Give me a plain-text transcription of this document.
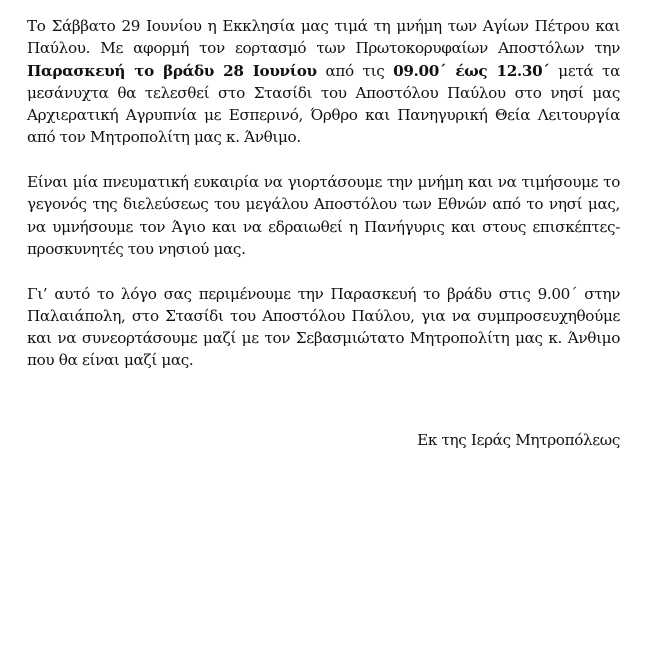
Το Σάββατο 29 Ιουνίου η Εκκλησία μας τιμά τη μνήμη των Αγίων Πέτρου και Παύλου. Με αφορμή τον εορτασμό των Πρωτοκορυφαίων Αποστόλων την Παρασκευή το βράδυ 28 Ιουνίου από τις 09.00΄ έως 12.30΄ μετά τα μεσάνυχτα θα τελεσθεί στο Στασίδι του Αποστόλου Παύλου στο νησί μας Αρχιερατική Αγρυπνία με Εσπερινό, Όρθρο και Πανηγυρική Θεία Λειτουργία από τον Μητροπολίτη μας κ. Άνθιμο.

Είναι μία πνευματική ευκαιρία να γιορτάσουμε την μνήμη και να τιμήσουμε το γεγονός της διελεύσεως του μεγάλου Αποστόλου των Εθνών από το νησί μας, να υμνήσουμε τον Άγιο και να εδραιωθεί η Πανήγυρις και στους επισκέπτες-προσκυνητές του νησιού μας.

Γι’ αυτό το λόγο σας περιμένουμε την Παρασκευή το βράδυ στις 9.00΄ στην Παλαιάπολη, στο Στασίδι του Αποστόλου Παύλου, για να συμπροσευχηθούμε και να συνεορτάσουμε μαζί με τον Σεβασμιώτατο Μητροπολίτη μας κ. Άνθιμο που θα είναι μαζί μας.

Εκ της Ιεράς Μητροπόλεως
